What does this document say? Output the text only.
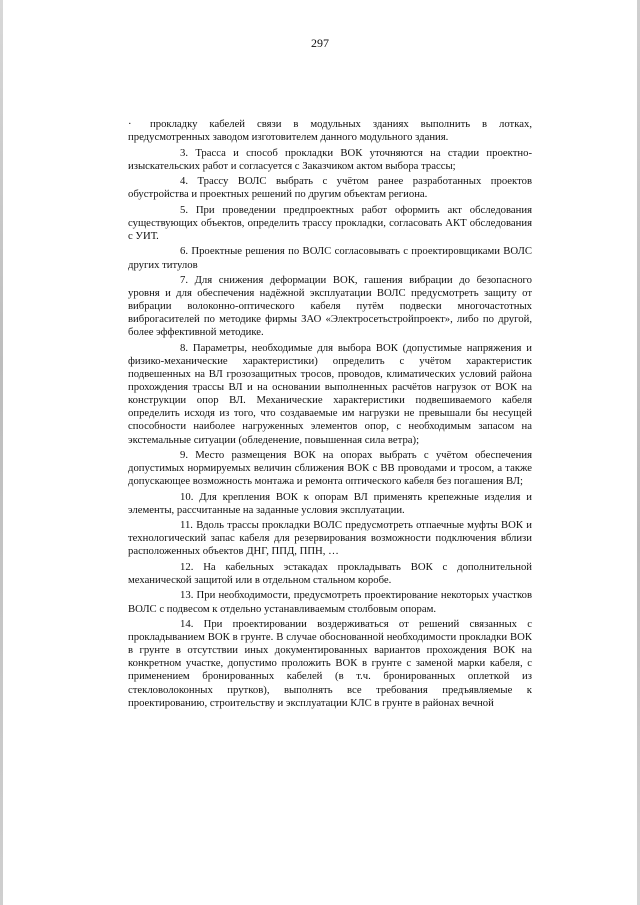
297

· прокладку кабелей связи в модульных зданиях выполнить в лотках, предусмотренных заводом изготовителем данного модульного здания.

3. Трасса и способ прокладки ВОК уточняются на стадии проектно-изыскательских работ и согласуется с Заказчиком актом выбора трассы;

4. Трассу ВОЛС выбрать с учётом ранее разработанных проектов обустройства и проектных решений по другим объектам региона.

5. При проведении предпроектных работ оформить акт обследования существующих объектов, определить трассу прокладки, согласовать АКТ обследования с УИТ.

6. Проектные решения по ВОЛС согласовывать с проектировщиками ВОЛС других титулов

7. Для снижения деформации ВОК, гашения вибрации до безопасного уровня и для обеспечения надёжной эксплуатации ВОЛС предусмотреть защиту от вибрации волоконно-оптического кабеля путём подвески многочастотных виброгасителей по методике фирмы ЗАО «Электросетьстройпроект», либо по другой, более эффективной методике.

8. Параметры, необходимые для выбора ВОК (допустимые напряжения и физико-механические характеристики) определить с учётом характеристик подвешенных на ВЛ грозозащитных тросов, проводов, климатических условий района прохождения трассы ВЛ и на основании выполненных расчётов нагрузок от ВОК на конструкции опор ВЛ. Механические характеристики подвешиваемого кабеля определить исходя из того, что создаваемые им нагрузки не превышали бы несущей способности наиболее нагруженных элементов опор, с необходимым запасом на экстемальные ситуации (обледенение, повышенная сила ветра);

9. Место размещения ВОК на опорах выбрать с учётом обеспечения допустимых нормируемых величин сближения ВОК с ВВ проводами и тросом, а также допускающее возможность монтажа и ремонта оптического кабеля без погашения ВЛ;

10. Для крепления ВОК к опорам ВЛ применять крепежные изделия и элементы, рассчитанные на заданные условия эксплуатации.

11. Вдоль трассы прокладки ВОЛС предусмотреть отпаечные муфты ВОК и технологический запас кабеля для резервирования возможности подключения вблизи расположенных объектов ДНГ, ППД, ППН, …

12. На кабельных эстакадах прокладывать ВОК с дополнительной механической защитой или в отдельном стальном коробе.

13. При необходимости, предусмотреть проектирование некоторых участков ВОЛС с подвесом к отдельно устанавливаемым столбовым опорам.

14. При проектировании воздерживаться от решений связанных с прокладыванием ВОК в грунте. В случае обоснованной необходимости прокладки ВОК в грунте в отсутствии иных документированных вариантов прохождения ВОК на конкретном участке, допустимо проложить ВОК в грунте с заменой марки кабеля, с применением бронированных кабелей (в т.ч. бронированных оплеткой из стекловолоконных прутков), выполнять все требования предъявляемые к проектированию, строительству и эксплуатации КЛС в грунте в районах вечной
